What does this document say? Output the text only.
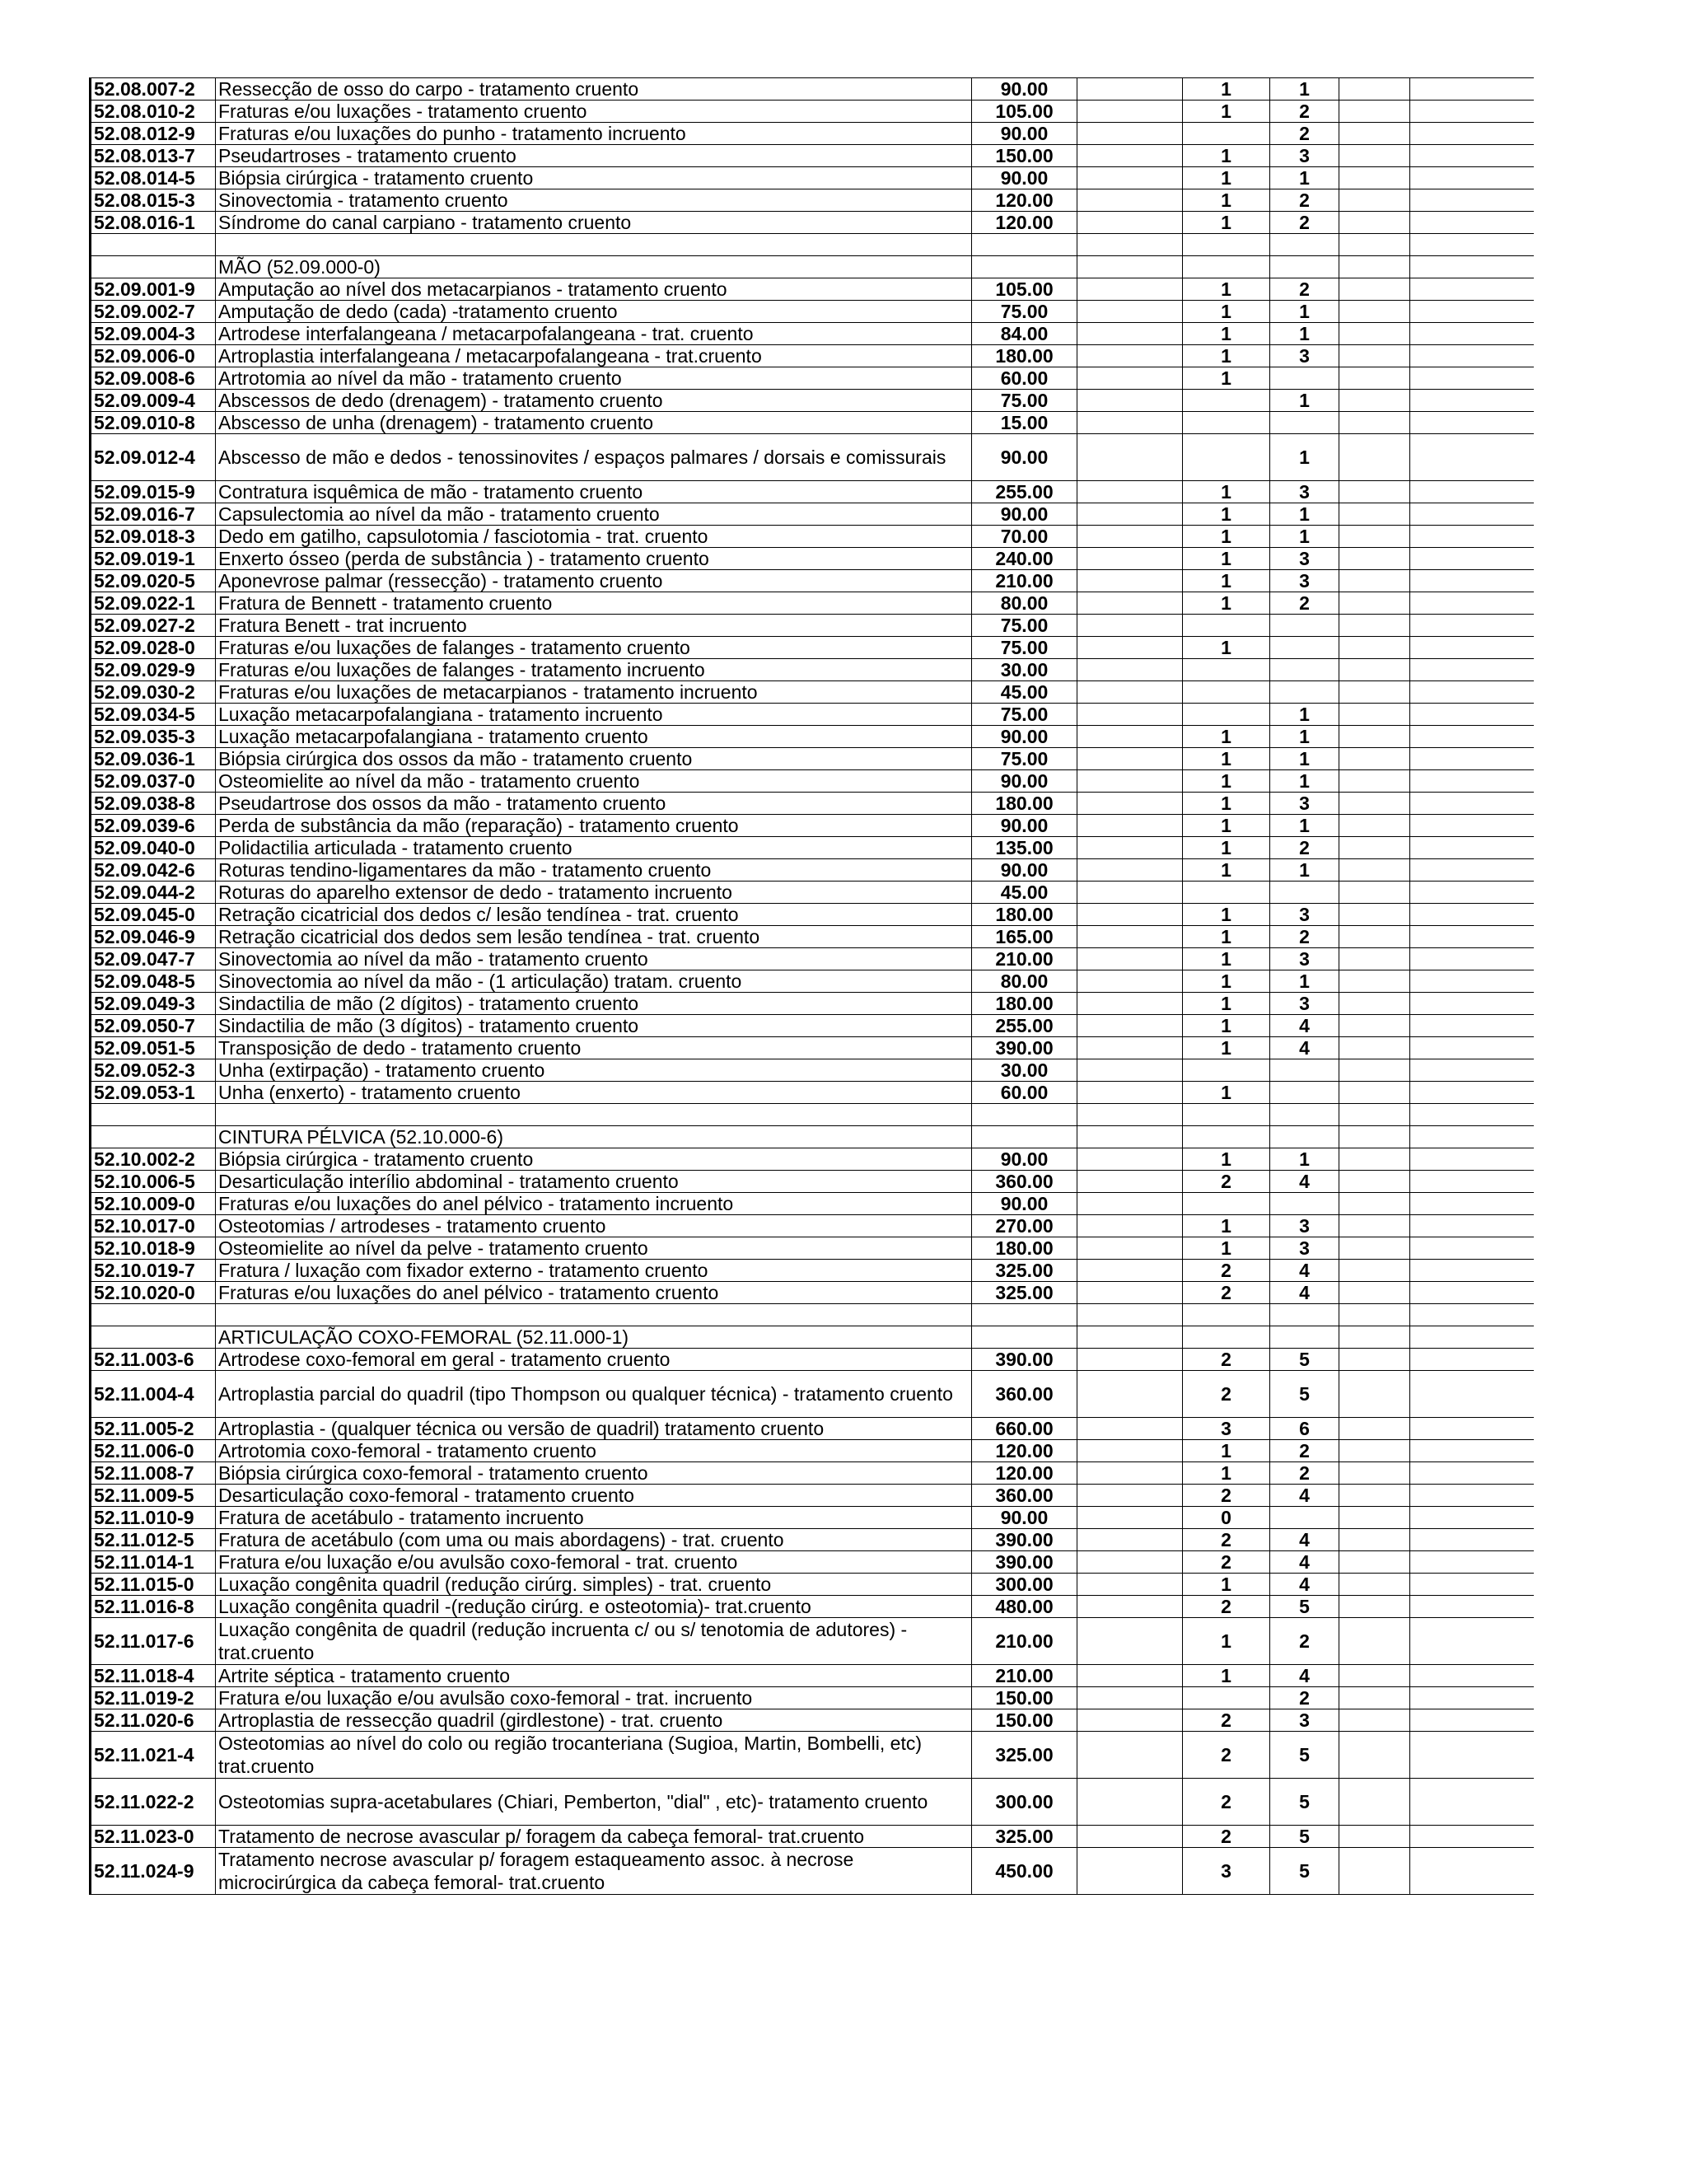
52.08.007-2	Ressecção de osso do carpo - tratamento cruento	90.00		1	1		
52.08.010-2	Fraturas e/ou luxações - tratamento cruento	105.00		1	2		
52.08.012-9	Fraturas e/ou luxações do punho - tratamento incruento	90.00			2		
52.08.013-7	Pseudartroses - tratamento cruento	150.00		1	3		
52.08.014-5	Biópsia cirúrgica - tratamento cruento	90.00		1	1		
52.08.015-3	Sinovectomia - tratamento cruento	120.00		1	2		
52.08.016-1	Síndrome do canal carpiano - tratamento cruento	120.00		1	2		

	MÃO (52.09.000-0)						
52.09.001-9	Amputação ao nível dos metacarpianos - tratamento cruento	105.00		1	2		
52.09.002-7	Amputação de dedo (cada) -tratamento cruento	75.00		1	1		
52.09.004-3	Artrodese interfalangeana / metacarpofalangeana - trat. cruento	84.00		1	1		
52.09.006-0	Artroplastia interfalangeana / metacarpofalangeana - trat.cruento	180.00		1	3		
52.09.008-6	Artrotomia ao nível da mão - tratamento cruento	60.00		1			
52.09.009-4	Abscessos de dedo (drenagem) - tratamento cruento	75.00			1		
52.09.010-8	Abscesso de unha (drenagem) - tratamento cruento	15.00					
52.09.012-4	Abscesso de mão e dedos - tenossinovites / espaços palmares / dorsais e comissurais	90.00			1		
52.09.015-9	Contratura isquêmica de mão - tratamento cruento	255.00		1	3		
52.09.016-7	Capsulectomia ao nível da mão - tratamento cruento	90.00		1	1		
52.09.018-3	Dedo em gatilho, capsulotomia / fasciotomia - trat. cruento	70.00		1	1		
52.09.019-1	Enxerto ósseo (perda de substância ) - tratamento cruento	240.00		1	3		
52.09.020-5	Aponevrose palmar (ressecção) - tratamento cruento	210.00		1	3		
52.09.022-1	Fratura de Bennett - tratamento cruento	80.00		1	2		
52.09.027-2	Fratura Benett - trat incruento	75.00					
52.09.028-0	Fraturas e/ou luxações de falanges - tratamento cruento	75.00		1			
52.09.029-9	Fraturas e/ou luxações de falanges - tratamento incruento	30.00					
52.09.030-2	Fraturas e/ou luxações de metacarpianos - tratamento incruento	45.00					
52.09.034-5	Luxação metacarpofalangiana - tratamento incruento	75.00			1		
52.09.035-3	Luxação metacarpofalangiana - tratamento cruento	90.00		1	1		
52.09.036-1	Biópsia cirúrgica dos ossos da mão - tratamento cruento	75.00		1	1		
52.09.037-0	Osteomielite ao nível da mão - tratamento cruento	90.00		1	1		
52.09.038-8	Pseudartrose dos ossos da mão - tratamento cruento	180.00		1	3		
52.09.039-6	Perda de substância da mão (reparação) - tratamento cruento	90.00		1	1		
52.09.040-0	Polidactilia articulada - tratamento cruento	135.00		1	2		
52.09.042-6	Roturas tendino-ligamentares da mão - tratamento cruento	90.00		1	1		
52.09.044-2	Roturas do aparelho extensor de dedo - tratamento incruento	45.00					
52.09.045-0	Retração cicatricial dos dedos c/ lesão tendínea - trat. cruento	180.00		1	3		
52.09.046-9	Retração cicatricial dos dedos sem lesão tendínea - trat. cruento	165.00		1	2		
52.09.047-7	Sinovectomia ao nível da mão - tratamento cruento	210.00		1	3		
52.09.048-5	Sinovectomia ao nível da mão - (1 articulação) tratam. cruento	80.00		1	1		
52.09.049-3	Sindactilia de mão (2 dígitos) - tratamento cruento	180.00		1	3		
52.09.050-7	Sindactilia de mão (3 dígitos) - tratamento cruento	255.00		1	4		
52.09.051-5	Transposição de dedo - tratamento cruento	390.00		1	4		
52.09.052-3	Unha (extirpação) - tratamento cruento	30.00					
52.09.053-1	Unha (enxerto) - tratamento cruento	60.00		1			

	CINTURA PÉLVICA (52.10.000-6)						
52.10.002-2	Biópsia cirúrgica - tratamento cruento	90.00		1	1		
52.10.006-5	Desarticulação interílio abdominal - tratamento cruento	360.00		2	4		
52.10.009-0	Fraturas e/ou luxações do anel pélvico - tratamento incruento	90.00					
52.10.017-0	Osteotomias / artrodeses - tratamento cruento	270.00		1	3		
52.10.018-9	Osteomielite ao nível da pelve - tratamento cruento	180.00		1	3		
52.10.019-7	Fratura / luxação com fixador externo - tratamento cruento	325.00		2	4		
52.10.020-0	Fraturas e/ou luxações do anel pélvico - tratamento cruento	325.00		2	4		

	ARTICULAÇÃO COXO-FEMORAL (52.11.000-1)						
52.11.003-6	Artrodese coxo-femoral em geral - tratamento cruento	390.00		2	5		
52.11.004-4	Artroplastia parcial do quadril (tipo Thompson ou qualquer técnica) - tratamento cruento	360.00		2	5		
52.11.005-2	Artroplastia - (qualquer técnica ou versão de quadril) tratamento cruento	660.00		3	6		
52.11.006-0	Artrotomia coxo-femoral - tratamento cruento	120.00		1	2		
52.11.008-7	Biópsia cirúrgica coxo-femoral - tratamento cruento	120.00		1	2		
52.11.009-5	Desarticulação coxo-femoral - tratamento cruento	360.00		2	4		
52.11.010-9	Fratura de acetábulo - tratamento incruento	90.00		0			
52.11.012-5	Fratura de acetábulo (com uma ou mais abordagens) - trat. cruento	390.00		2	4		
52.11.014-1	Fratura e/ou luxação e/ou avulsão coxo-femoral - trat. cruento	390.00		2	4		
52.11.015-0	Luxação congênita quadril (redução cirúrg. simples) - trat. cruento	300.00		1	4		
52.11.016-8	Luxação congênita quadril -(redução cirúrg. e osteotomia)- trat.cruento	480.00		2	5		
52.11.017-6	Luxação congênita de quadril (redução incruenta c/ ou s/ tenotomia de adutores) - trat.cruento	210.00		1	2		
52.11.018-4	Artrite séptica - tratamento cruento	210.00		1	4		
52.11.019-2	Fratura e/ou luxação e/ou avulsão coxo-femoral - trat. incruento	150.00			2		
52.11.020-6	Artroplastia de ressecção quadril (girdlestone) - trat. cruento	150.00		2	3		
52.11.021-4	Osteotomias ao nível do colo ou região trocanteriana (Sugioa, Martin, Bombelli, etc) trat.cruento	325.00		2	5		
52.11.022-2	Osteotomias supra-acetabulares (Chiari, Pemberton, "dial" , etc)- tratamento cruento	300.00		2	5		
52.11.023-0	Tratamento de necrose avascular p/ foragem da cabeça femoral- trat.cruento	325.00		2	5		
52.11.024-9	Tratamento necrose avascular p/ foragem estaqueamento assoc. à necrose microcirúrgica da cabeça femoral- trat.cruento	450.00		3	5		
